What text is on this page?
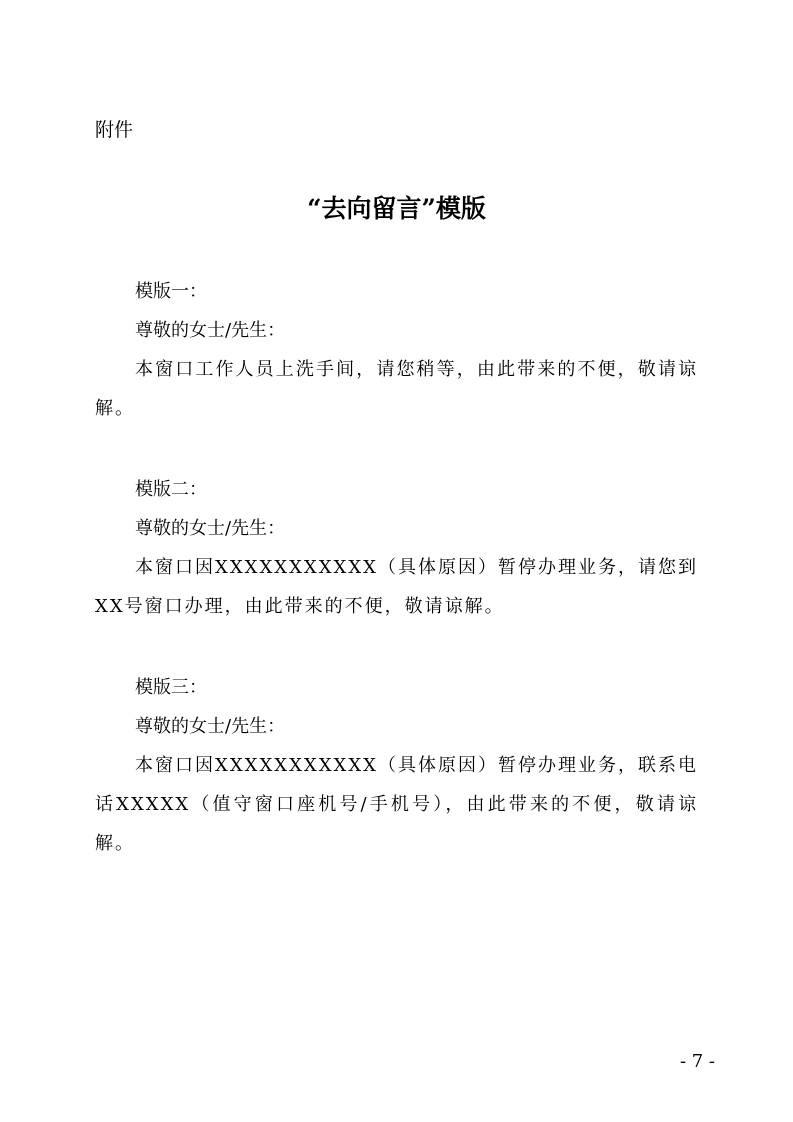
附件

“去向留言”模版

模版一：

尊敬的女士/先生：

本窗口工作人员上洗手间，请您稍等，由此带来的不便，敬请谅解。

模版二：

尊敬的女士/先生：

本窗口因XXXXXXXXXXX（具体原因）暂停办理业务，请您到XX号窗口办理，由此带来的不便，敬请谅解。

模版三：

尊敬的女士/先生：

本窗口因XXXXXXXXXXX（具体原因）暂停办理业务，联系电话XXXXX（值守窗口座机号/手机号），由此带来的不便，敬请谅解。

- 7 -
